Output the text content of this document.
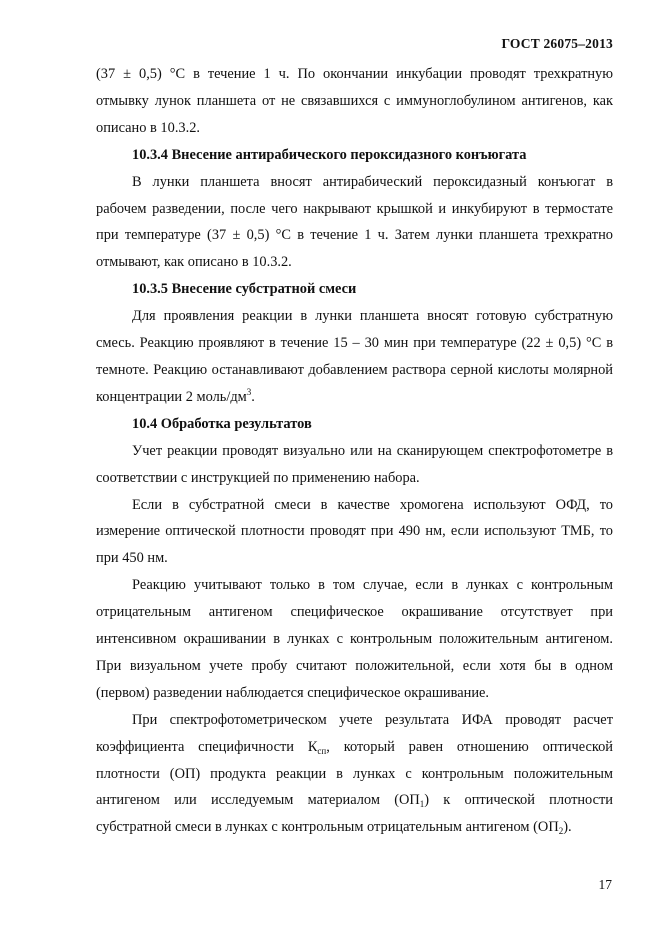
ГОСТ 26075–2013

(37 ± 0,5) °С в течение 1 ч. По окончании инкубации проводят трехкратную отмывку лунок планшета от не связавшихся с иммуноглобулином антигенов, как описано в 10.3.2.

10.3.4 Внесение антирабического пероксидазного конъюгата

В лунки планшета вносят антирабический пероксидазный конъюгат в рабочем разведении, после чего накрывают крышкой и инкубируют в термостате при температуре (37 ± 0,5) °С в течение 1 ч. Затем лунки планшета трехкратно отмывают, как описано в 10.3.2.

10.3.5 Внесение субстратной смеси

Для проявления реакции в лунки планшета вносят готовую субстратную смесь. Реакцию проявляют в течение 15 – 30 мин при температуре (22 ± 0,5) °С в темноте. Реакцию останавливают добавлением раствора серной кислоты молярной концентрации 2 моль/$дм^3$.

10.4 Обработка результатов

Учет реакции проводят визуально или на сканирующем спектрофотометре в соответствии с инструкцией по применению набора.

Если в субстратной смеси в качестве хромогена используют ОФД, то измерение оптической плотности проводят при 490 нм, если используют ТМБ, то при 450 нм.

Реакцию учитывают только в том случае, если в лунках с контрольным отрицательным антигеном специфическое окрашивание отсутствует при интенсивном окрашивании в лунках с контрольным положительным антигеном. При визуальном учете пробу считают положительной, если хотя бы в одном (первом) разведении наблюдается специфическое окрашивание.

При спектрофотометрическом учете результата ИФА проводят расчет коэффициента специфичности $К_{сп}$, который равен отношению оптической плотности (ОП) продукта реакции в лунках с контрольным положительным антигеном или исследуемым материалом $(ОП_1)$ к оптической плотности субстратной смеси в лунках с контрольным отрицательным антигеном $(ОП_2)$.

17
